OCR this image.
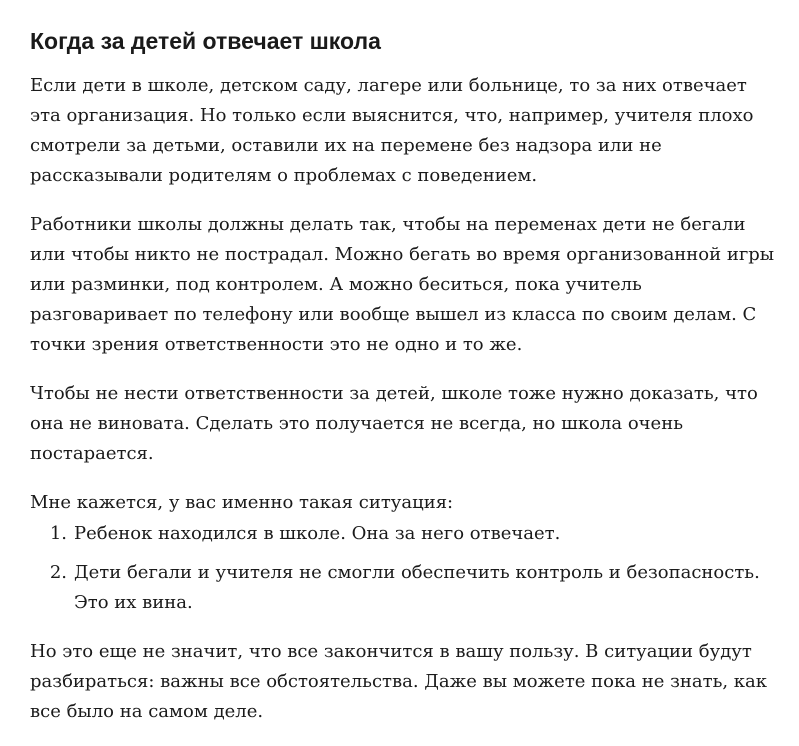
Когда за детей отвечает школа

Если дети в школе, детском саду, лагере или больнице, то за них отвечает эта организация. Но только если выяснится, что, например, учителя плохо смотрели за детьми, оставили их на перемене без надзора или не рассказывали родителям о проблемах с поведением.

Работники школы должны делать так, чтобы на переменах дети не бегали или чтобы никто не пострадал. Можно бегать во время организованной игры или разминки, под контролем. А можно беситься, пока учитель разговаривает по телефону или вообще вышел из класса по своим делам. С точки зрения ответственности это не одно и то же.

Чтобы не нести ответственности за детей, школе тоже нужно доказать, что она не виновата. Сделать это получается не всегда, но школа очень постарается.

Мне кажется, у вас именно такая ситуация:

1. Ребенок находился в школе. Она за него отвечает.
2. Дети бегали и учителя не смогли обеспечить контроль и безопасность. Это их вина.

Но это еще не значит, что все закончится в вашу пользу. В ситуации будут разбираться: важны все обстоятельства. Даже вы можете пока не знать, как все было на самом деле.
